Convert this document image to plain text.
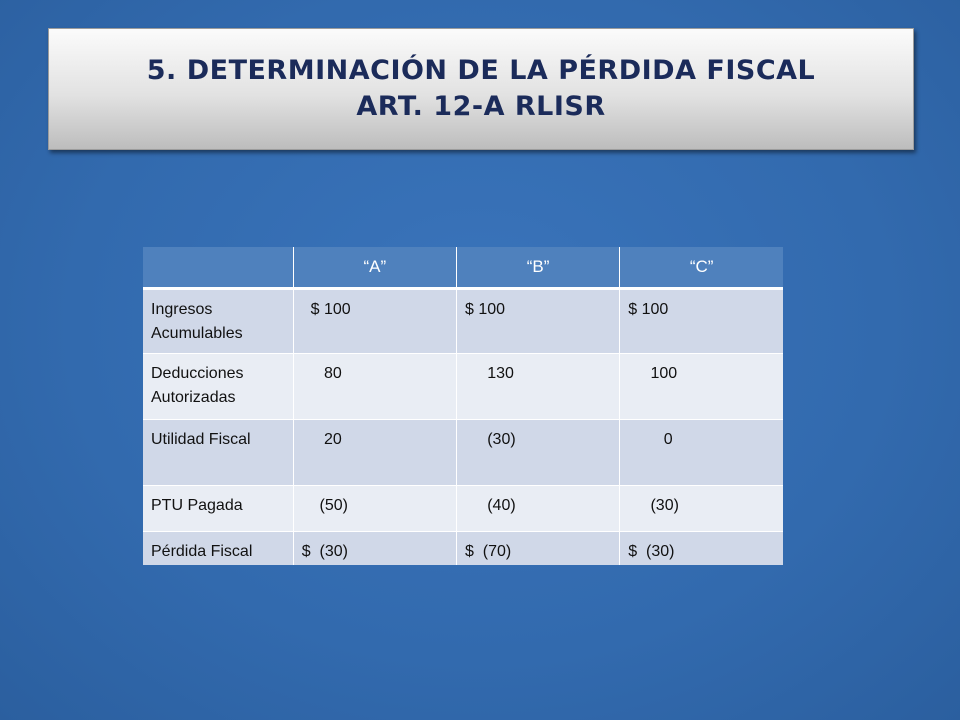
5. DETERMINACIÓN DE LA PÉRDIDA FISCAL
ART. 12-A RLISR
	“A”	“B”	“C”
Ingresos Acumulables	$ 100	$ 100	$ 100
Deducciones Autorizadas	80	130	100
Utilidad Fiscal	20	(30)	0
PTU Pagada	(50)	(40)	(30)
Pérdida Fiscal	$  (30)	$  (70)	$  (30)
